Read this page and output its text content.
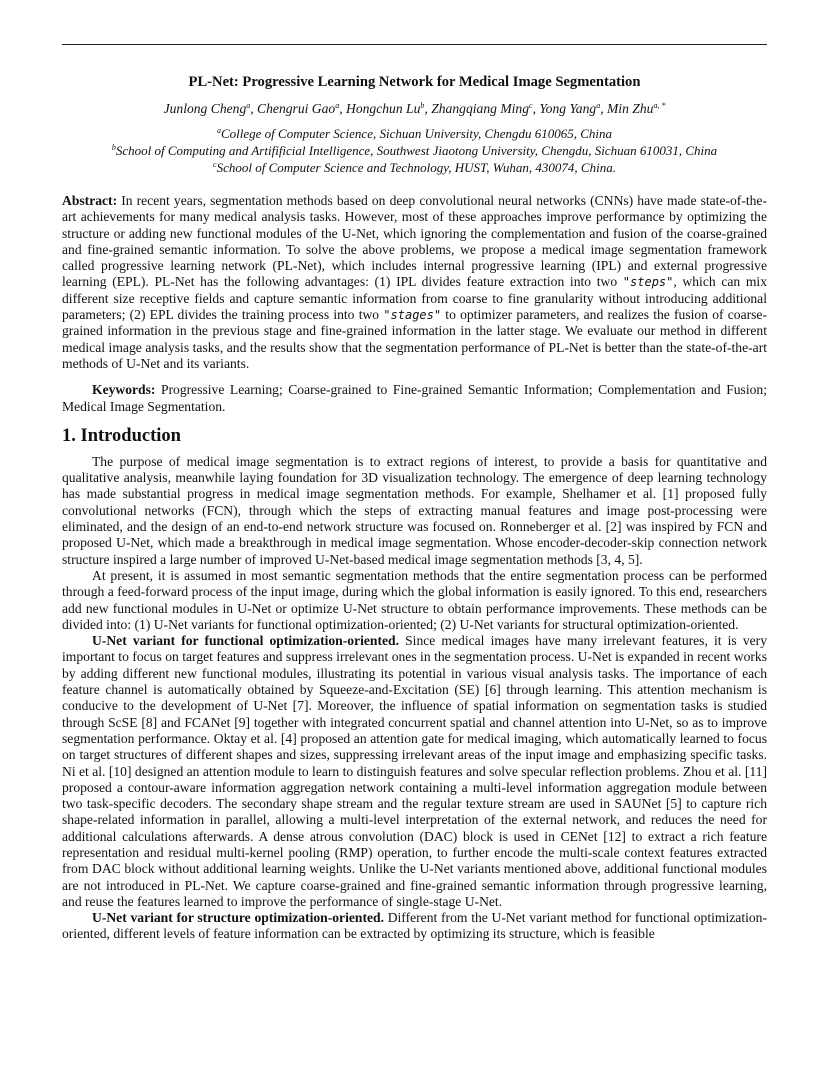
PL-Net: Progressive Learning Network for Medical Image Segmentation
Junlong Cheng$^a$, Chengrui Gao$^a$, Hongchun Lu$^b$, Zhangqiang Ming$^c$, Yong Yang$^a$, Min Zhu$^{a, *}$
$^a$College of Computer Science, Sichuan University, Chengdu 610065, China
$^b$School of Computing and Artifificial Intelligence, Southwest Jiaotong University, Chengdu, Sichuan 610031, China
$^c$School of Computer Science and Technology, HUST, Wuhan, 430074, China.

Abstract: In recent years, segmentation methods based on deep convolutional neural networks (CNNs) have made state-of-the-art achievements for many medical analysis tasks. However, most of these approaches improve performance by optimizing the structure or adding new functional modules of the U-Net, which ignoring the complementation and fusion of the coarse-grained and fine-grained semantic information. To solve the above problems, we propose a medical image segmentation framework called progressive learning network (PL-Net), which includes internal progressive learning (IPL) and external progressive learning (EPL). PL-Net has the following advantages: (1) IPL divides feature extraction into two "steps", which can mix different size receptive fields and capture semantic information from coarse to fine granularity without introducing additional parameters; (2) EPL divides the training process into two "stages" to optimizer parameters, and realizes the fusion of coarse-grained information in the previous stage and fine-grained information in the latter stage. We evaluate our method in different medical image analysis tasks, and the results show that the segmentation performance of PL-Net is better than the state-of-the-art methods of U-Net and its variants.

Keywords: Progressive Learning; Coarse-grained to Fine-grained Semantic Information; Complementation and Fusion; Medical Image Segmentation.

1. Introduction

The purpose of medical image segmentation is to extract regions of interest, to provide a basis for quantitative and qualitative analysis, meanwhile laying foundation for 3D visualization technology. The emergence of deep learning technology has made substantial progress in medical image segmentation methods. For example, Shelhamer et al. [1] proposed fully convolutional networks (FCN), through which the steps of extracting manual features and image post-processing were eliminated, and the design of an end-to-end network structure was focused on. Ronneberger et al. [2] was inspired by FCN and proposed U-Net, which made a breakthrough in medical image segmentation. Whose encoder-decoder-skip connection network structure inspired a large number of improved U-Net-based medical image segmentation methods [3, 4, 5].

At present, it is assumed in most semantic segmentation methods that the entire segmentation process can be performed through a feed-forward process of the input image, during which the global information is easily ignored. To this end, researchers add new functional modules in U-Net or optimize U-Net structure to obtain performance improvements. These methods can be divided into: (1) U-Net variants for functional optimization-oriented; (2) U-Net variants for structural optimization-oriented.

U-Net variant for functional optimization-oriented. Since medical images have many irrelevant features, it is very important to focus on target features and suppress irrelevant ones in the segmentation process. U-Net is expanded in recent works by adding different new functional modules, illustrating its potential in various visual analysis tasks. The importance of each feature channel is automatically obtained by Squeeze-and-Excitation (SE) [6] through learning. This attention mechanism is conducive to the development of U-Net [7]. Moreover, the influence of spatial information on segmentation tasks is studied through ScSE [8] and FCANet [9] together with integrated concurrent spatial and channel attention into U-Net, so as to improve segmentation performance. Oktay et al. [4] proposed an attention gate for medical imaging, which automatically learned to focus on target structures of different shapes and sizes, suppressing irrelevant areas of the input image and emphasizing specific tasks. Ni et al. [10] designed an attention module to learn to distinguish features and solve specular reflection problems. Zhou et al. [11] proposed a contour-aware information aggregation network containing a multi-level information aggregation module between two task-specific decoders. The secondary shape stream and the regular texture stream are used in SAUNet [5] to capture rich shape-related information in parallel, allowing a multi-level interpretation of the external network, and reduces the need for additional calculations afterwards. A dense atrous convolution (DAC) block is used in CENet [12] to extract a rich feature representation and residual multi-kernel pooling (RMP) operation, to further encode the multi-scale context features extracted from DAC block without additional learning weights. Unlike the U-Net variants mentioned above, additional functional modules are not introduced in PL-Net. We capture coarse-grained and fine-grained semantic information through progressive learning, and reuse the features learned to improve the performance of single-stage U-Net.

U-Net variant for structure optimization-oriented. Different from the U-Net variant method for functional optimization-oriented, different levels of feature information can be extracted by optimizing its structure, which is feasible
